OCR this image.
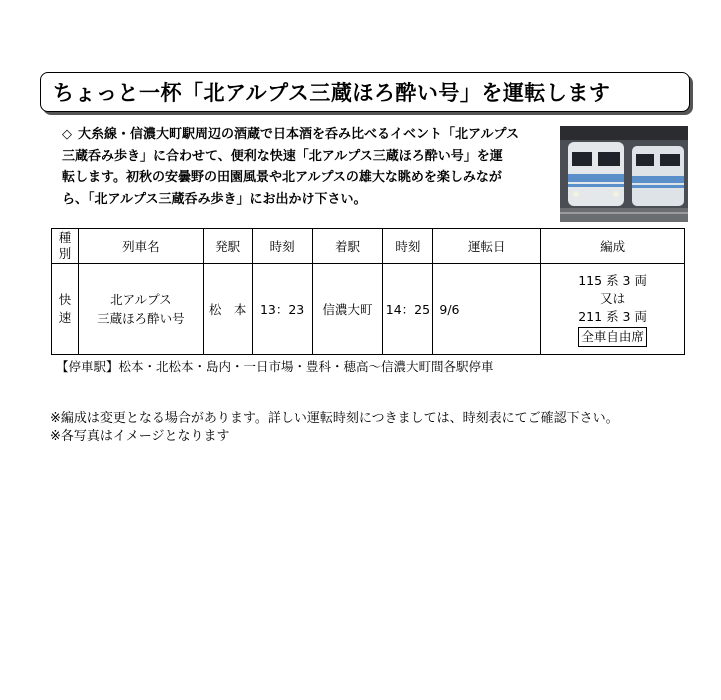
ちょっと一杯「北アルプス三蔵ほろ酔い号」を運転します
◇ 大糸線・信濃大町駅周辺の酒蔵で日本酒を呑み比べるイベント「北アルプス
三蔵呑み歩き」に合わせて、便利な快速「北アルプス三蔵ほろ酔い号」を運
転します。初秋の安曇野の田園風景や北アルプスの雄大な眺めを楽しみなが
ら、「北アルプス三蔵呑み歩き」にお出かけ下さい。
種
別	列車名	発駅	時刻	着駅	時刻	運転日	編成
快
速	北アルプス
三蔵ほろ酔い号	松　本	13：23	信濃大町	14：25	9/6	115 系 3 両
又は
211 系 3 両
全車自由席
【停車駅】松本・北松本・島内・一日市場・豊科・穂高～信濃大町間各駅停車
※編成は変更となる場合があります。詳しい運転時刻につきましては、時刻表にてご確認下さい。
※各写真はイメージとなります
